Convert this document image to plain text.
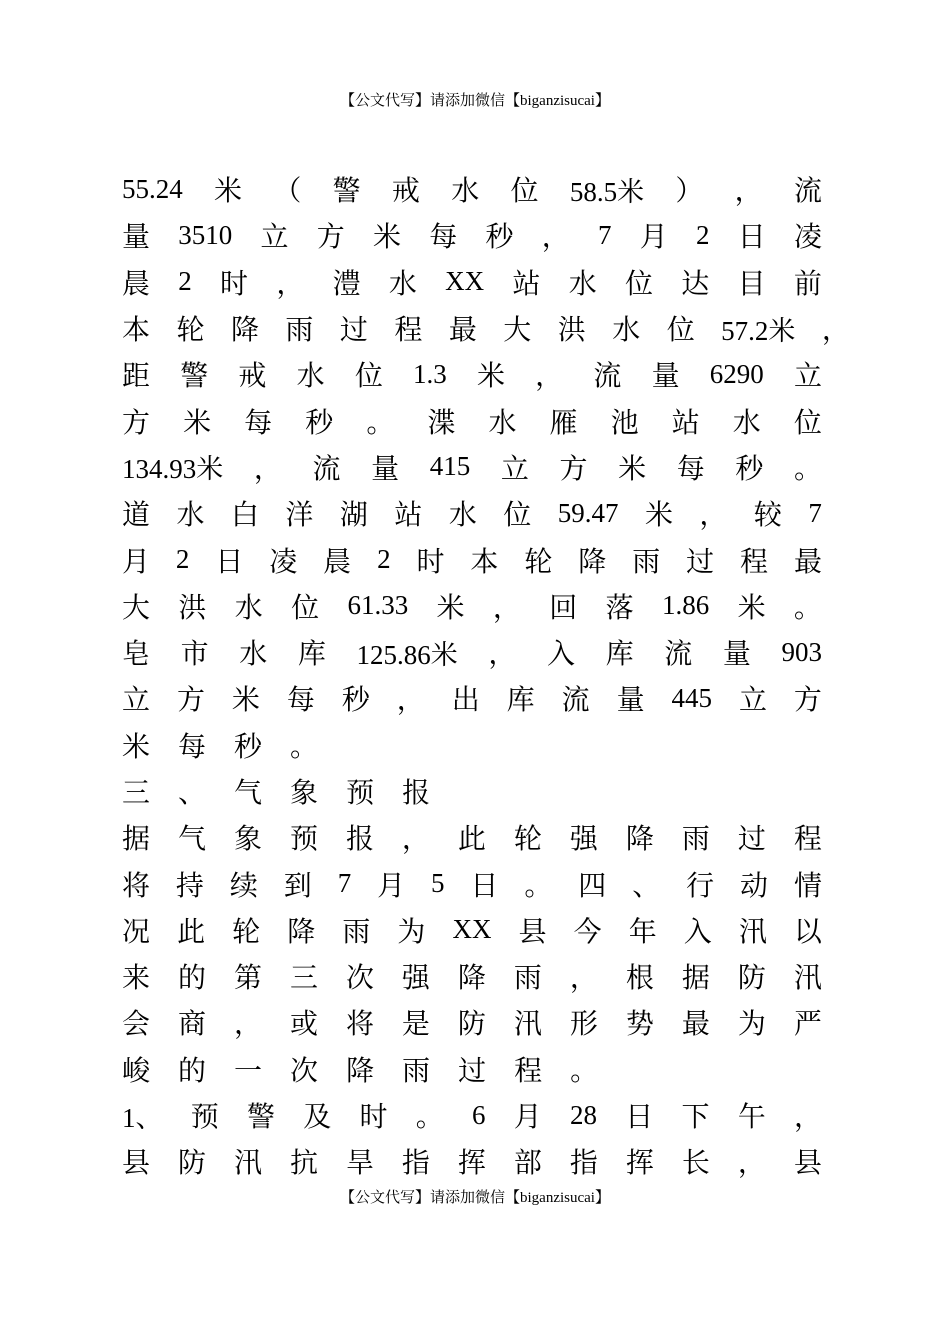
【公文代写】请添加微信【biganzisucai】
55.24 米 （ 警 戒 水 位 58.5米 ） ， 流
量 3510 立 方 米 每 秒 ， 7 月 2 日 凌
晨 2 时 ， 澧 水 XX 站 水 位 达 目 前
本 轮 降 雨 过 程 最 大 洪 水 位 57.2米 ，
距 警 戒 水 位 1.3 米 ， 流 量 6290 立
方 米 每 秒 。 渫 水 雁 池 站 水 位
134.93米 ， 流 量 415 立 方 米 每 秒 。
道 水 白 洋 湖 站 水 位 59.47 米 ， 较 7
月 2 日 凌 晨 2 时 本 轮 降 雨 过 程 最
大 洪 水 位 61.33 米 ， 回 落 1.86 米 。
皂 市 水 库 125.86米 ， 入 库 流 量 903
立 方 米 每 秒 ， 出 库 流 量 445 立 方
米 每 秒 。
三 、 气 象 预 报
据 气 象 预 报 ， 此 轮 强 降 雨 过 程
将 持 续 到 7 月 5 日 。 四 、 行 动 情
况 此 轮 降 雨 为 XX 县 今 年 入 汛 以
来 的 第 三 次 强 降 雨 ， 根 据 防 汛
会 商 ， 或 将 是 防 汛 形 势 最 为 严
峻 的 一 次 降 雨 过 程 。
1、 预 警 及 时 。 6 月 28 日 下 午 ，
县 防 汛 抗 旱 指 挥 部 指 挥 长 ， 县
【公文代写】请添加微信【biganzisucai】
